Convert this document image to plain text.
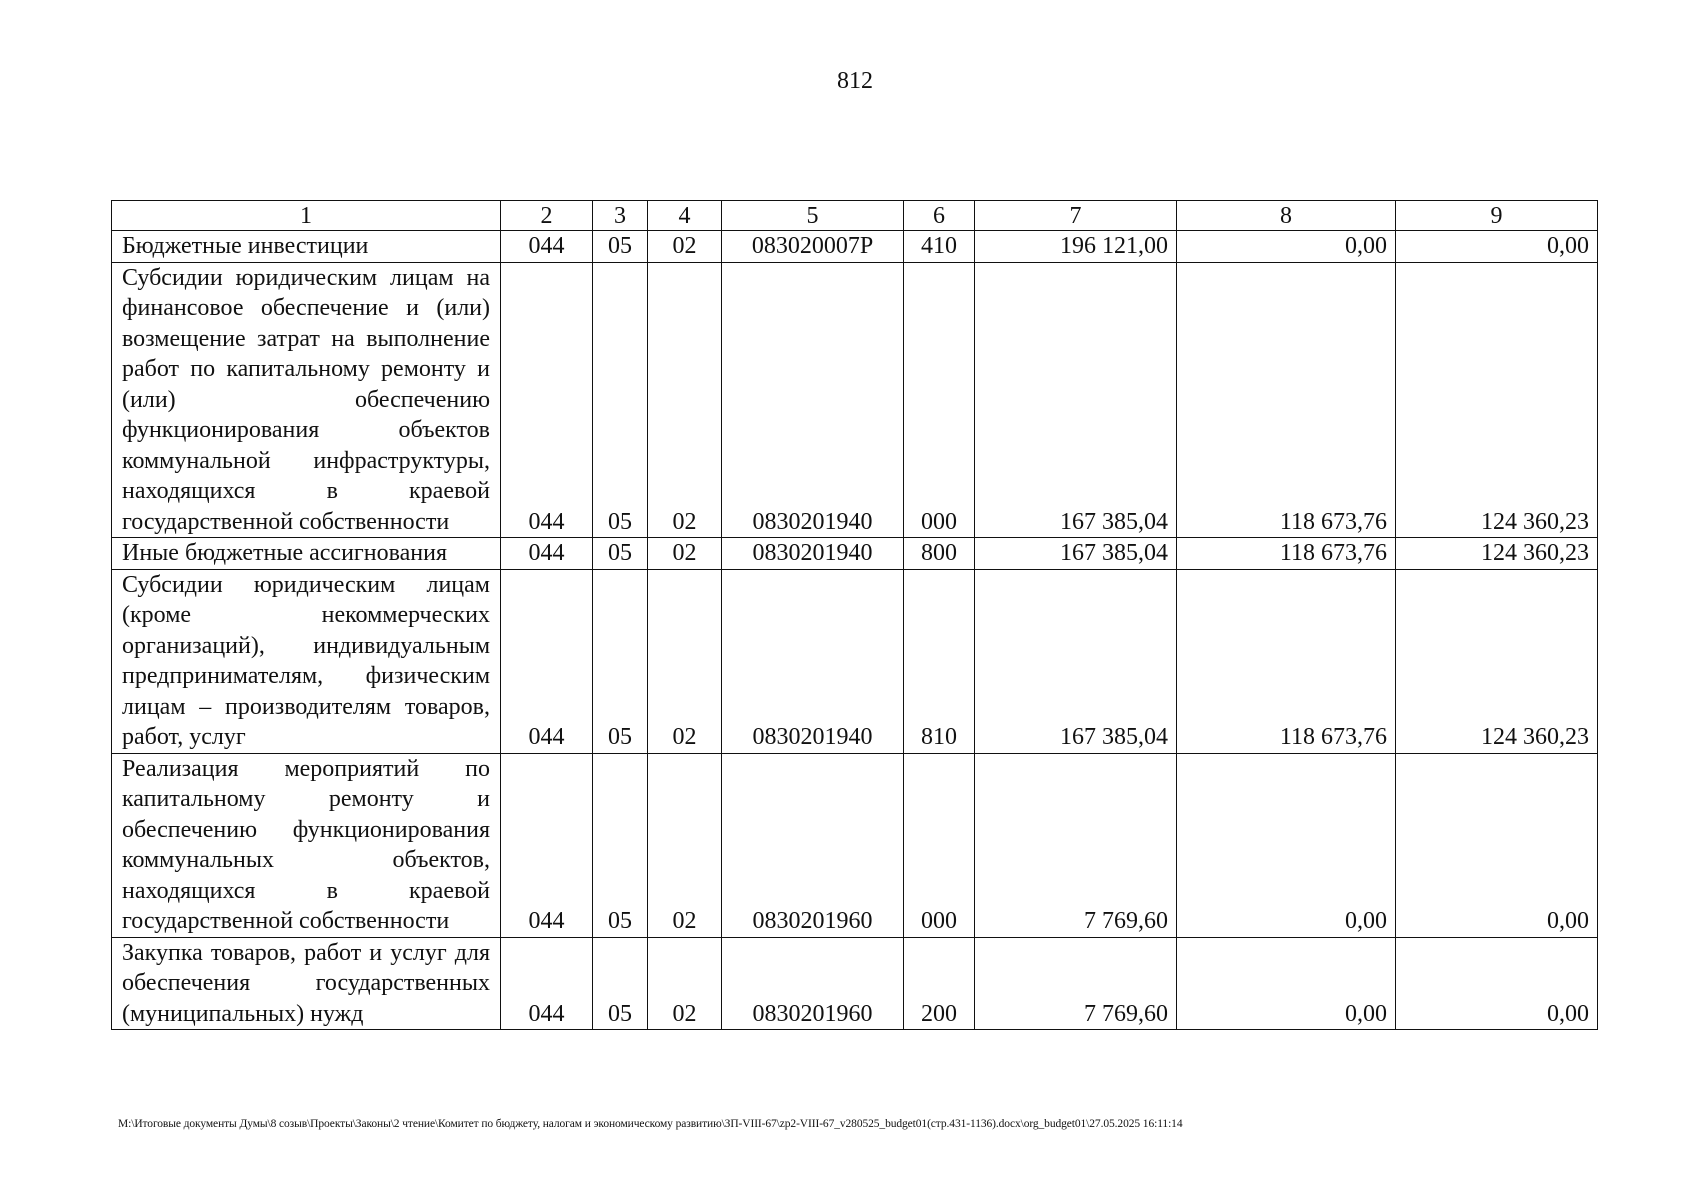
812
1	2	3	4	5	6	7	8	9
Бюджетные инвестиции	044	05	02	083020007Р	410	196 121,00	0,00	0,00
Субсидии юридическим лицам на финансовое обеспечение и (или) возмещение затрат на выполнение работ по капитальному ремонту и (или) обеспечению функционирования объектов коммунальной инфраструктуры, находящихся в краевой государственной собственности	044	05	02	0830201940	000	167 385,04	118 673,76	124 360,23
Иные бюджетные ассигнования	044	05	02	0830201940	800	167 385,04	118 673,76	124 360,23
Субсидии юридическим лицам (кроме некоммерческих организаций), индивидуальным предпринимателям, физическим лицам – производителям товаров, работ, услуг	044	05	02	0830201940	810	167 385,04	118 673,76	124 360,23
Реализация мероприятий по капитальному ремонту и обеспечению функционирования коммунальных объектов, находящихся в краевой государственной собственности	044	05	02	0830201960	000	7 769,60	0,00	0,00
Закупка товаров, работ и услуг для обеспечения государственных (муниципальных) нужд	044	05	02	0830201960	200	7 769,60	0,00	0,00
M:\Итоговые документы Думы\8 созыв\Проекты\Законы\2 чтение\Комитет по бюджету, налогам и экономическому развитию\ЗП-VIII-67\zp2-VIII-67_v280525_budget01(стр.431-1136).docx\org_budget01\27.05.2025 16:11:14
